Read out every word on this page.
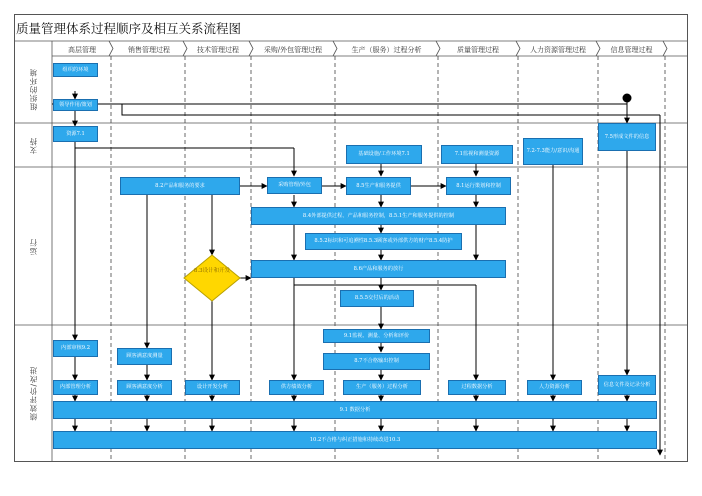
质量管理体系过程顺序及相互关系流程图
高层管理	销售管理过程	技术管理过程	采购/外包管理过程	生产（服务）过程分析	质量管理过程	人力资源管理过程	信息管理过程
组织的环境
支持
运行
绩效评价/改进
组织的环境
领导作用/策划
资源7.1	7.5形成文件的信息
7.2-7.3能力/意识/沟通
基础设施/工作环境7.1	7.1监视和测量资源
8.2产品和服务的要求	采购管理/外包	8.5生产和服务提供	8.1运行策划和控制
8.4外部提供过程、产品和服务控制，8.5.1生产和服务提供的控制
8.5.2标识和可追溯性8.5.3顾客或外部供方的财产8.5.4防护
8.6产品和服务的放行
8.5.5交付后的活动
8.3设计和开发
内部审核9.2
顾客满意度测量
9.1监视、测量、分析和评价
8.7不合格输出控制
内部管理分析	顾客满意度分析	设计开发分析	供方绩效分析	生产（服务）过程分析	过程数据分析	人力资源分析	信息文件及记录分析
9.1 数据分析
10.2不合格与纠正措施和持续改进10.3
